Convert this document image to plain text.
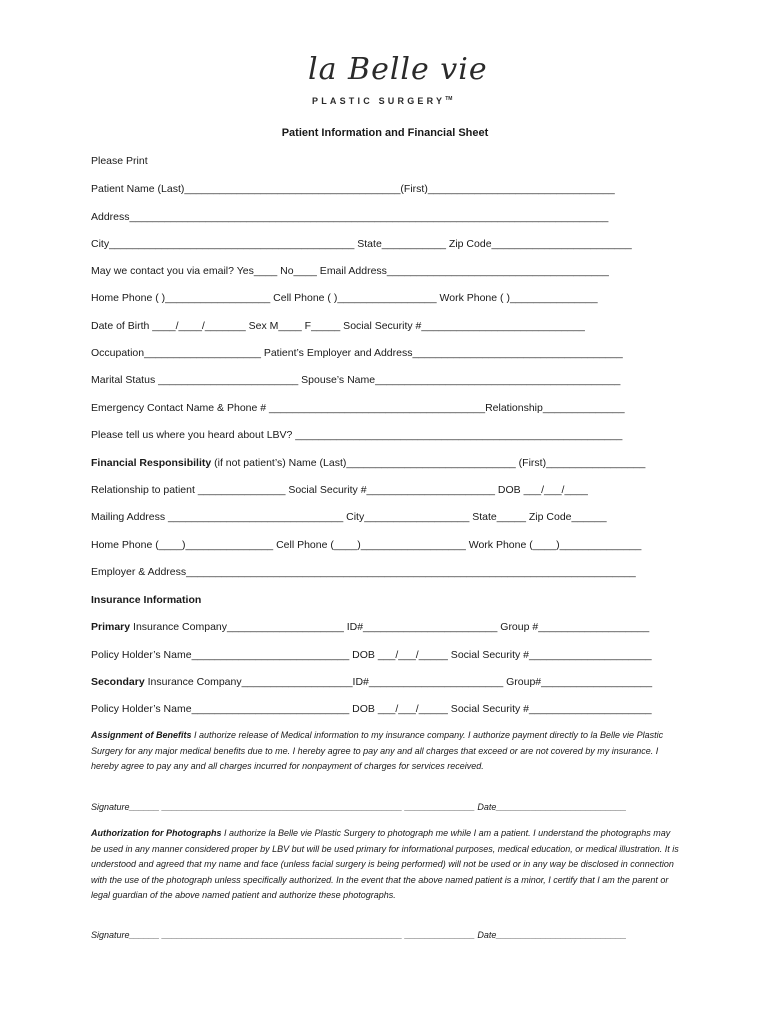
la Belle vie
PLASTIC SURGERY™
Patient Information and Financial Sheet
Please Print
Patient Name (Last)_____________________________________(First)________________________________
Address__________________________________________________________________________________
City__________________________________________ State___________ Zip Code________________________
May we contact you via email? Yes____ No____ Email Address______________________________________
Home Phone ( )__________________ Cell Phone ( )_________________ Work Phone ( )_______________
Date of Birth ____/____/_______ Sex M____ F_____ Social Security #____________________________
Occupation____________________ Patient’s Employer and Address____________________________________
Marital Status ________________________ Spouse’s Name__________________________________________
Emergency Contact Name & Phone # _____________________________________Relationship______________
Please tell us where you heard about LBV? ________________________________________________________
Financial Responsibility (if not patient’s) Name (Last)_____________________________ (First)_________________
Relationship to patient _______________ Social Security #______________________ DOB ___/___/____
Mailing Address ______________________________ City__________________ State_____ Zip Code______
Home Phone (____)_______________ Cell Phone (____)__________________ Work Phone (____)______________
Employer & Address_____________________________________________________________________________
Insurance Information
Primary Insurance Company____________________ ID#_______________________ Group #___________________
Policy Holder’s Name___________________________ DOB ___/___/_____ Social Security #_____________________
Secondary Insurance Company___________________ID#_______________________ Group#___________________
Policy Holder’s Name___________________________ DOB ___/___/_____ Social Security #_____________________
Assignment of Benefits I authorize release of Medical information to my insurance company. I authorize payment directly to la Belle vie Plastic Surgery for any major medical benefits due to me. I hereby agree to pay any and all charges that exceed or are not covered by my insurance. I hereby agree to pay any and all charges incurred for nonpayment of charges for services received.
Signature______ ________________________________________________ ______________ Date__________________________
Authorization for Photographs I authorize la Belle vie Plastic Surgery to photograph me while I am a patient. I understand the photographs may be used in any manner considered proper by LBV but will be used primary for informational purposes, medical education, or medical illustration. It is understood and agreed that my name and face (unless facial surgery is being performed) will not be used or in any way be disclosed in connection with the use of the photograph unless specifically authorized. In the event that the above named patient is a minor, I certify that I am the parent or legal guardian of the above named patient and authorize these photographs.
Signature______ ________________________________________________ ______________ Date__________________________
